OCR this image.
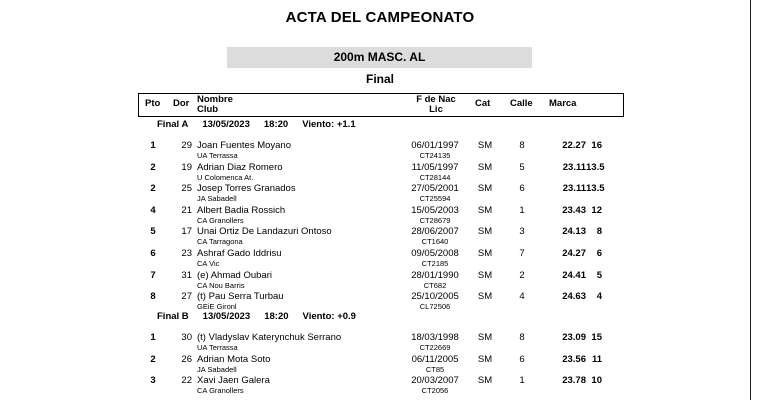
ACTA DEL CAMPEONATO
200m MASC. AL
Final
Pto Dor Nombre
Club
F de Nac
Lic
Cat Calle Marca
Final A 13/05/2023 18:20 Viento: +1.1
1	29 Joan Fuentes Moyano
UA Terrassa
06/01/1997
CT24135
SM	8	22.27 16
2	19 Adrian Diaz Romero
U Colomenca At.
11/05/1997
CT28144
SM	5	23.11 13.5
2	25 Josep Torres Granados
JA Sabadell
27/05/2001
CT25594
SM	6	23.11 13.5
4	21 Albert Badia Rossich
CA Granollers
15/05/2003
CT28679
SM	1	23.43 12
5	17 Unai Ortiz De Landazuri Ontoso
CA Tarragona
28/06/2007
CT1640
SM	3	24.13	8
6	23 Ashraf Gado Iddrisu
CA Vic
09/05/2008
CT2185
SM	7	24.27	6
7	31 (e) Ahmad Oubari
CA Nou Barris
28/01/1990
CT682
SM	2	24.41	5
8	27 (t) Pau Serra Turbau
GEiE Gironl
25/10/2005
CL72506
SM	4	24.63	4
Final B 13/05/2023 18:20 Viento: +0.9
1	30 (t) Vladyslav Katerynchuk Serrano
UA Terrassa
18/03/1998
CT22669
SM	8	23.09 15
2	26 Adrian Mota Soto
JA Sabadell
06/11/2005
CT85
SM	6	23.56 11
3	22 Xavi Jaen Galera
CA Granollers
20/03/2007
CT2056
SM	1	23.78 10
